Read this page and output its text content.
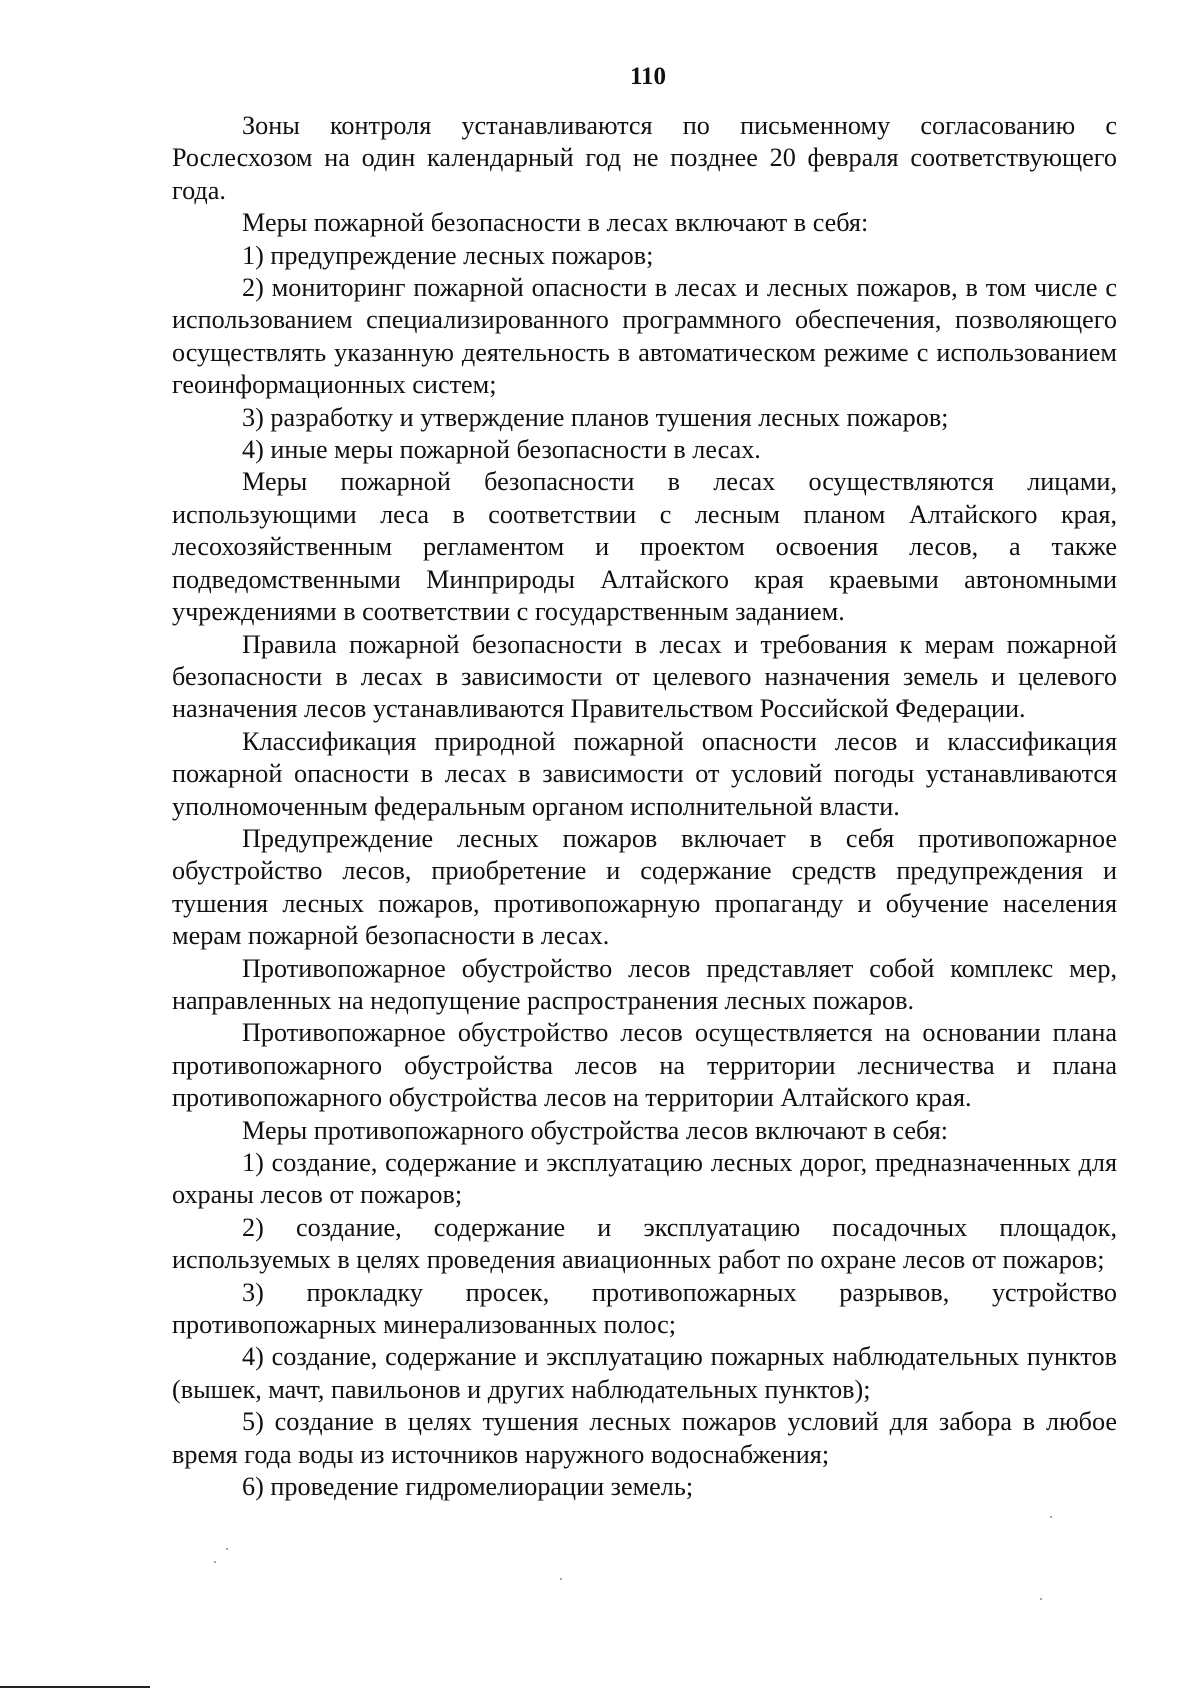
110

Зоны контроля устанавливаются по письменному согласованию с Рослесхозом на один календарный год не позднее 20 февраля соответствующего года.

Меры пожарной безопасности в лесах включают в себя:

1) предупреждение лесных пожаров;

2) мониторинг пожарной опасности в лесах и лесных пожаров, в том числе с использованием специализированного программного обеспечения, позволяющего осуществлять указанную деятельность в автоматическом режиме с использованием геоинформационных систем;

3) разработку и утверждение планов тушения лесных пожаров;

4) иные меры пожарной безопасности в лесах.

Меры пожарной безопасности в лесах осуществляются лицами, использующими леса в соответствии с лесным планом Алтайского края, лесохозяйственным регламентом и проектом освоения лесов, а также подведомственными Минприроды Алтайского края краевыми автономными учреждениями в соответствии с государственным заданием.

Правила пожарной безопасности в лесах и требования к мерам пожарной безопасности в лесах в зависимости от целевого назначения земель и целевого назначения лесов устанавливаются Правительством Российской Федерации.

Классификация природной пожарной опасности лесов и классификация пожарной опасности в лесах в зависимости от условий погоды устанавливаются уполномоченным федеральным органом исполнительной власти.

Предупреждение лесных пожаров включает в себя противопожарное обустройство лесов, приобретение и содержание средств предупреждения и тушения лесных пожаров, противопожарную пропаганду и обучение населения мерам пожарной безопасности в лесах.

Противопожарное обустройство лесов представляет собой комплекс мер, направленных на недопущение распространения лесных пожаров.

Противопожарное обустройство лесов осуществляется на основании плана противопожарного обустройства лесов на территории лесничества и плана противопожарного обустройства лесов на территории Алтайского края.

Меры противопожарного обустройства лесов включают в себя:

1) создание, содержание и эксплуатацию лесных дорог, предназначенных для охраны лесов от пожаров;

2) создание, содержание и эксплуатацию посадочных площадок, используемых в целях проведения авиационных работ по охране лесов от пожаров;

3) прокладку просек, противопожарных разрывов, устройство противопожарных минерализованных полос;

4) создание, содержание и эксплуатацию пожарных наблюдательных пунктов (вышек, мачт, павильонов и других наблюдательных пунктов);

5) создание в целях тушения лесных пожаров условий для забора в любое время года воды из источников наружного водоснабжения;

6) проведение гидромелиорации земель;
